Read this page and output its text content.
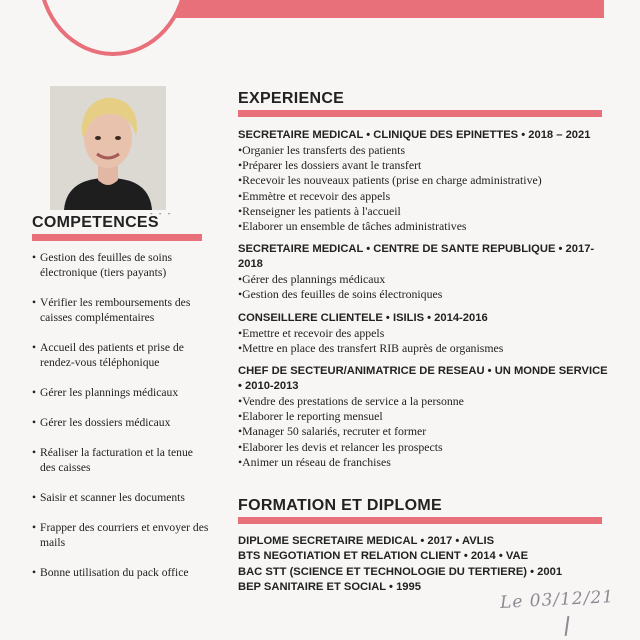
- - -
COMPETENCES
• Gestion des feuilles de soins électronique (tiers payants)
• Vérifier les remboursements des caisses complémentaires
• Accueil des patients et prise de rendez-vous téléphonique
• Gérer les plannings médicaux
• Gérer les dossiers médicaux
• Réaliser la facturation et la tenue des caisses
• Saisir et scanner les documents
• Frapper des courriers et envoyer des mails
• Bonne utilisation du pack office
EXPERIENCE
SECRETAIRE MEDICAL • CLINIQUE DES EPINETTES • 2018 – 2021
•Organier les transferts des patients
•Préparer les dossiers avant le transfert
•Recevoir les nouveaux patients (prise en charge administrative)
•Emmètre et recevoir des appels
•Renseigner les patients à l'accueil
•Elaborer un ensemble de tâches administratives
SECRETAIRE MEDICAL • CENTRE DE SANTE REPUBLIQUE • 2017-2018
•Gérer des plannings médicaux
•Gestion des feuilles de soins électroniques
CONSEILLERE CLIENTELE • ISILIS • 2014-2016
•Emettre et recevoir des appels
•Mettre en place des transfert RIB auprès de organismes
CHEF DE SECTEUR/ANIMATRICE DE RESEAU • UN MONDE SERVICE • 2010-2013
•Vendre des prestations de service a la personne
•Elaborer le reporting mensuel
•Manager 50 salariés, recruter et former
•Elaborer les devis et relancer les prospects
•Animer un réseau de franchises
FORMATION ET DIPLOME
DIPLOME SECRETAIRE MEDICAL • 2017 • AVLIS
BTS NEGOTIATION ET RELATION CLIENT • 2014 • VAE
BAC STT (SCIENCE ET TECHNOLOGIE DU TERTIERE) • 2001
BEP SANITAIRE ET SOCIAL • 1995	Le 03/12/21
